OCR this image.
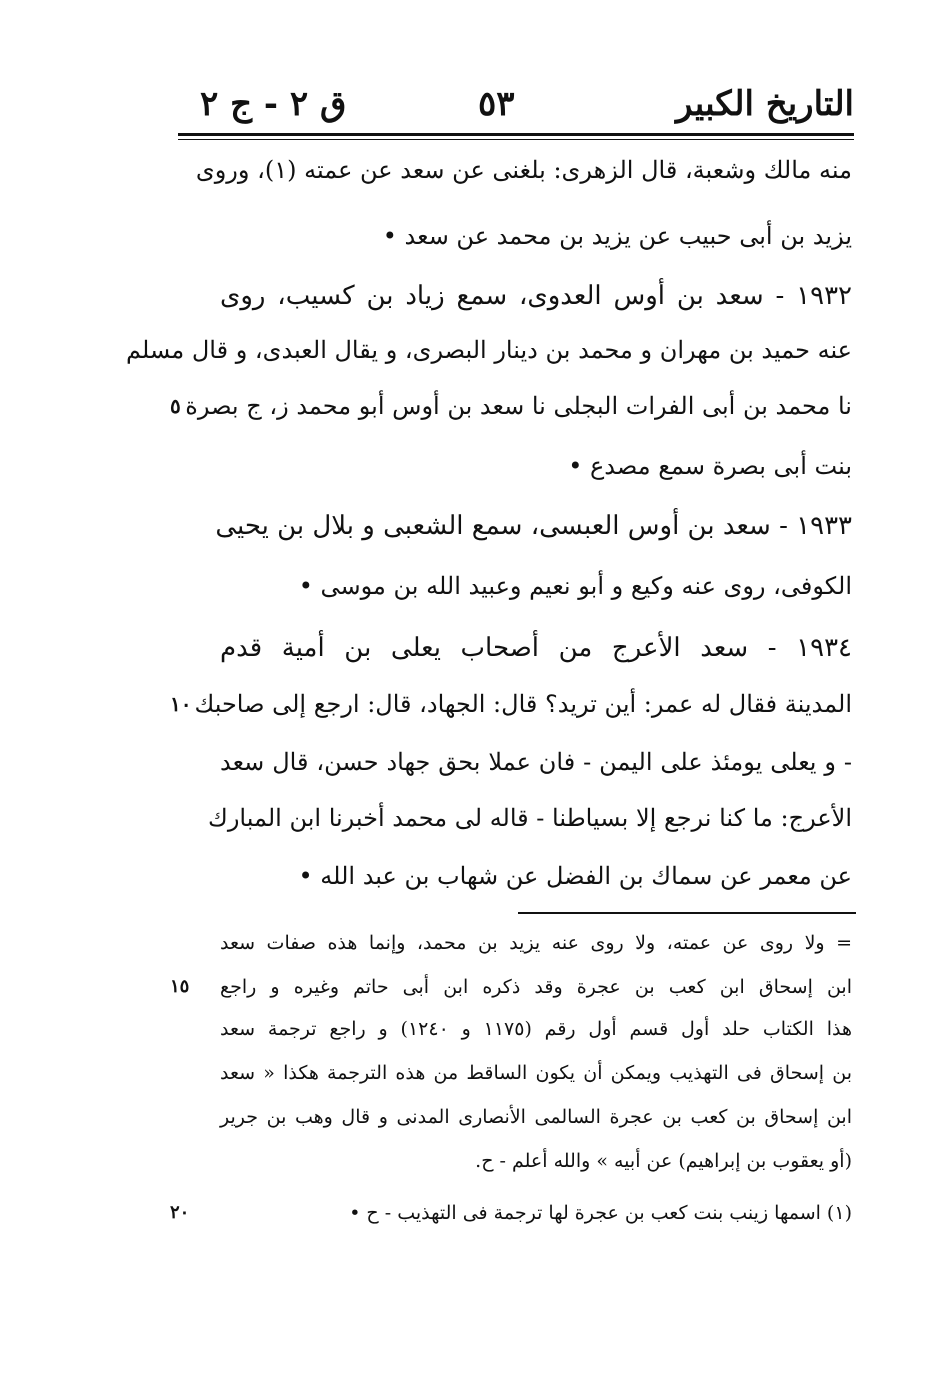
التاريخ الكبير
٥٣
ق ٢ - ج ٢
منه مالك وشعبة، قال الزهرى: بلغنى عن سعد عن عمته (١)، وروى
يزيد بن أبى حبيب عن يزيد بن محمد عن سعد •
١٩٣٢ - سعد بن أوس العدوى، سمع زياد بن كسيب، روى
عنه حميد بن مهران و محمد بن دينار البصرى، و يقال العبدى، و قال مسلم
نا محمد بن أبى الفرات البجلى نا سعد بن أوس أبو محمد ز، ج بصرة
٥
بنت أبى بصرة سمع مصدع •
١٩٣٣ - سعد بن أوس العبسى، سمع الشعبى و بلال بن يحيى
الكوفى، روى عنه وكيع و أبو نعيم وعبيد الله بن موسى •
١٩٣٤ - سعد الأعرج من أصحاب يعلى بن أمية قدم
المدينة فقال له عمر: أين تريد؟ قال: الجهاد، قال: ارجع إلى صاحبك
١٠
- و يعلى يومئذ على اليمن - فان عملا بحق جهاد حسن، قال سعد
الأعرج: ما كنا نرجع إلا بسياطنا - قاله لى محمد أخبرنا ابن المبارك
عن معمر عن سماك بن الفضل عن شهاب بن عبد الله •
= ولا روى عن عمته، ولا روى عنه يزيد بن محمد، وإنما هذه صفات سعد
ابن إسحاق ابن كعب بن عجرة وقد ذكره ابن أبى حاتم وغيره و راجع
١٥
هذا الكتاب حلد أول قسم أول رقم (١١٧٥ و ١٢٤٠) و راجع ترجمة سعد
بن إسحاق فى التهذيب ويمكن أن يكون الساقط من هذه الترجمة هكذا « سعد
ابن إسحاق بن كعب بن عجرة السالمى الأنصارى المدنى و قال وهب بن جرير
(أو يعقوب بن إبراهيم) عن أبيه » والله أعلم - ح.
(١) اسمها زينب بنت كعب بن عجرة لها ترجمة فى التهذيب - ح •
٢٠
